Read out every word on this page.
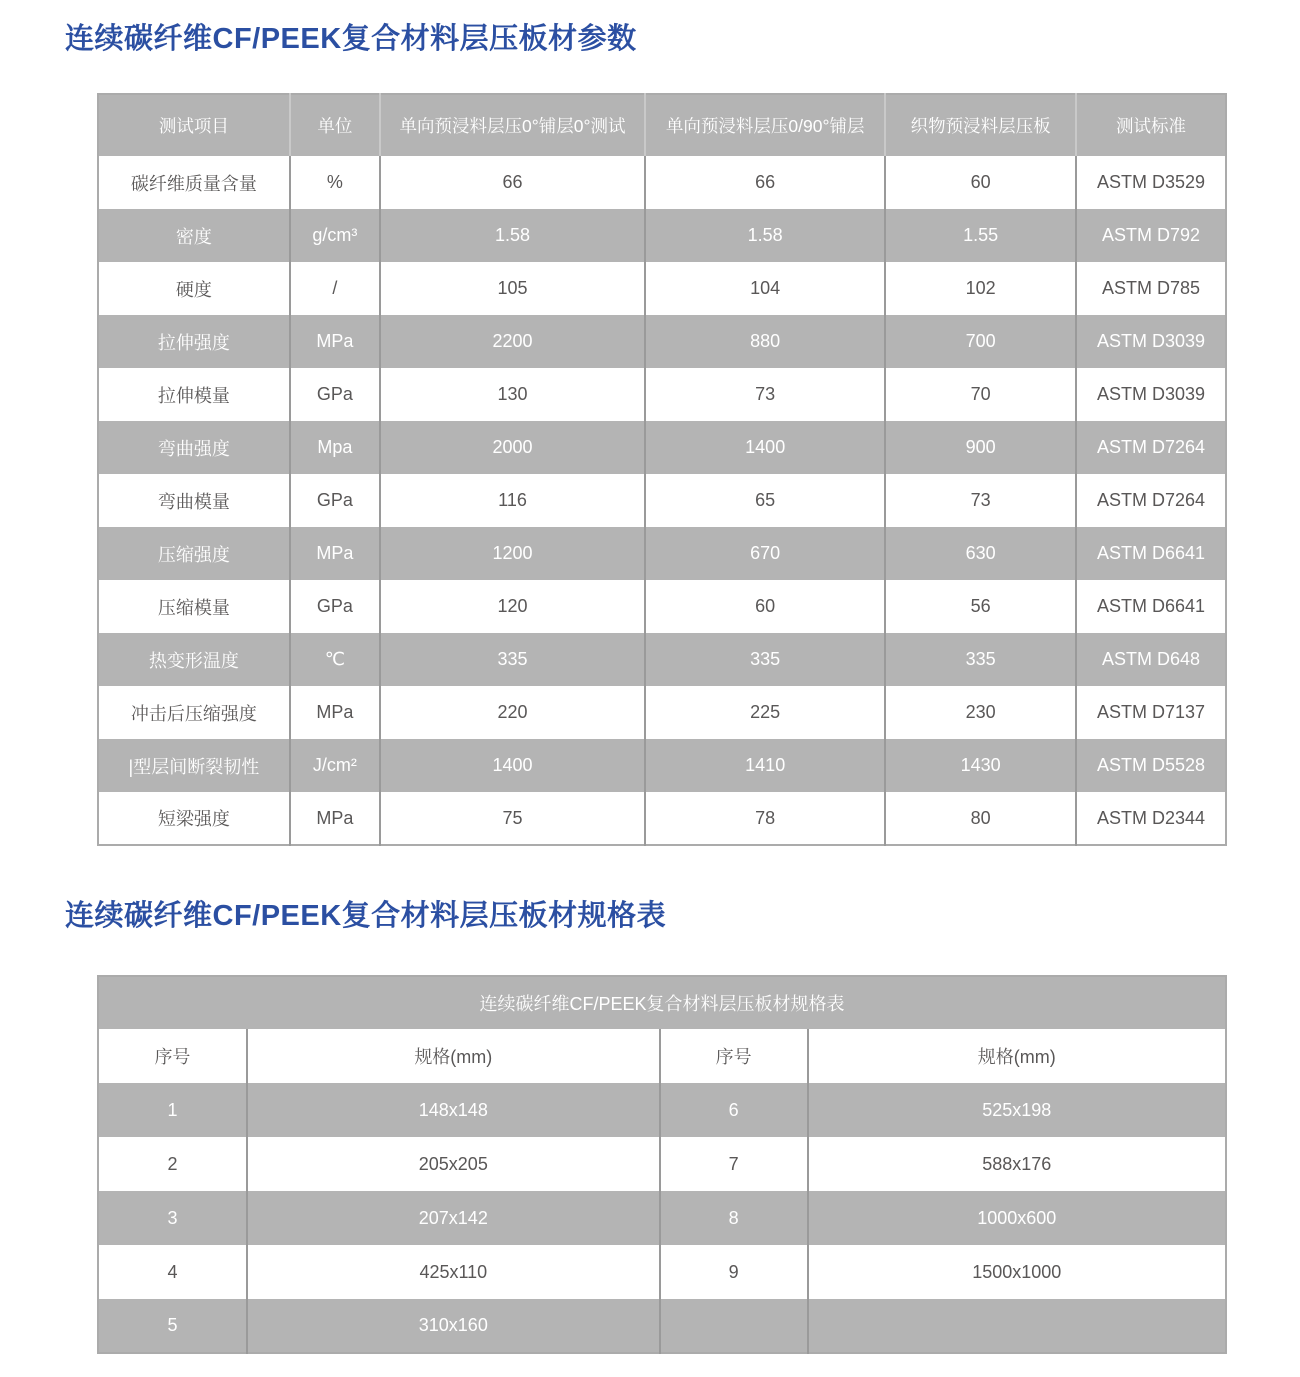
连续碳纤维CF/PEEK复合材料层压板材参数
测试项目	单位	单向预浸料层压0°铺层0°测试	单向预浸料层压0/90°铺层	织物预浸料层压板	测试标准
碳纤维质量含量	%	66	66	60	ASTM D3529
密度	g/cm³	1.58	1.58	1.55	ASTM D792
硬度	/	105	104	102	ASTM D785
拉伸强度	MPa	2200	880	700	ASTM D3039
拉伸模量	GPa	130	73	70	ASTM D3039
弯曲强度	Mpa	2000	1400	900	ASTM D7264
弯曲模量	GPa	116	65	73	ASTM D7264
压缩强度	MPa	1200	670	630	ASTM D6641
压缩模量	GPa	120	60	56	ASTM D6641
热变形温度	℃	335	335	335	ASTM D648
冲击后压缩强度	MPa	220	225	230	ASTM D7137
|型层间断裂韧性	J/cm²	1400	1410	1430	ASTM D5528
短梁强度	MPa	75	78	80	ASTM D2344
连续碳纤维CF/PEEK复合材料层压板材规格表
连续碳纤维CF/PEEK复合材料层压板材规格表			
序号	规格(mm)	序号	规格(mm)
1	148x148	6	525x198
2	205x205	7	588x176
3	207x142	8	1000x600
4	425x110	9	1500x1000
5	310x160		
